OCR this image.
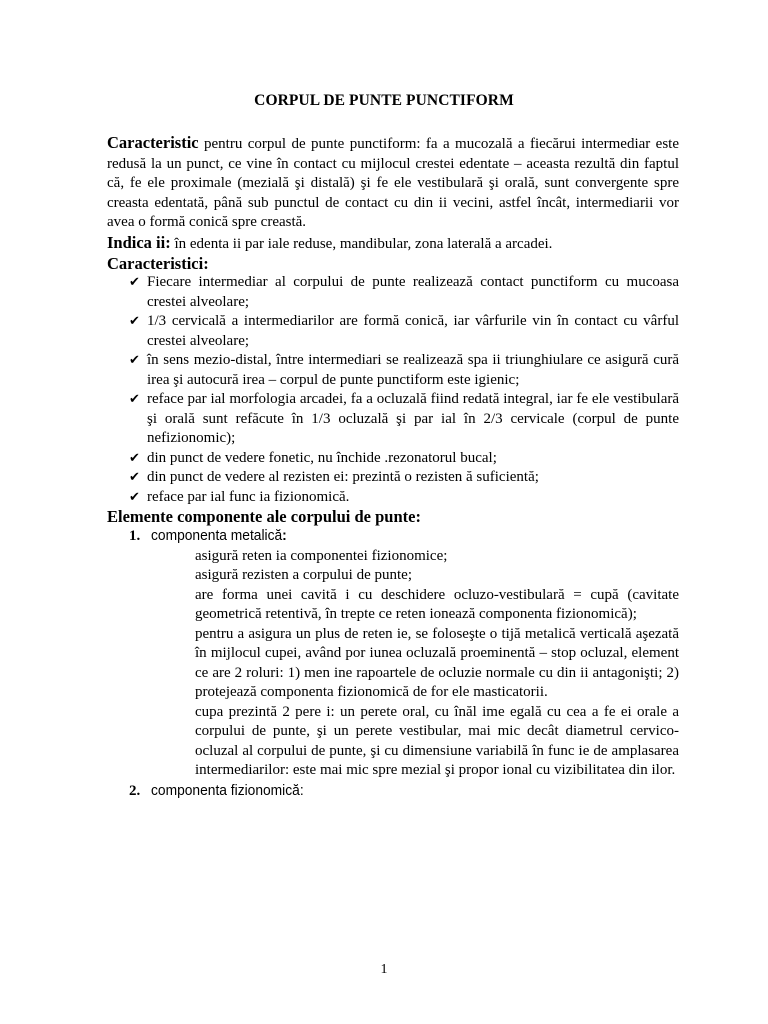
CORPUL DE PUNTE PUNCTIFORM

Caracteristic pentru corpul de punte punctiform: fa a mucozală a fiecărui intermediar este redusă la un punct, ce vine în contact cu mijlocul crestei edentate – aceasta rezultă din faptul că, fe ele proximale (mezială şi distală) şi fe ele vestibulară şi orală, sunt convergente spre creasta edentată, până sub punctul de contact cu din ii vecini, astfel încât, intermediarii vor avea o formă conică spre creastă.

Indica ii: în edenta ii par iale reduse, mandibular, zona laterală a arcadei.

Caracteristici:

✔ Fiecare intermediar al corpului de punte realizează contact punctiform cu mucoasa crestei alveolare;
✔ 1/3 cervicală a intermediarilor are formă conică, iar vârfurile vin în contact cu vârful crestei alveolare;
✔ în sens mezio-distal, între intermediari se realizează spa ii triunghiulare ce asigură cură irea şi autocură irea – corpul de punte punctiform este igienic;
✔ reface par ial morfologia arcadei, fa a ocluzală fiind redată integral, iar fe ele vestibulară şi orală sunt refăcute în 1/3 ocluzală şi par ial în 2/3 cervicale (corpul de punte nefizionomic);
✔ din punct de vedere fonetic, nu închide .rezonatorul bucal;
✔ din punct de vedere al rezisten ei: prezintă o rezisten ă suficientă;
✔ reface par ial func ia fizionomică.

Elemente componente ale corpului de punte:

1. componenta metalică:

asigură reten ia componentei fizionomice;

asigură rezisten a corpului de punte;

are forma unei cavită i cu deschidere ocluzo-vestibulară = cupă (cavitate geometrică retentivă, în trepte ce reten ionează componenta fizionomică);

pentru a asigura un plus de reten ie, se foloseşte o tijă metalică verticală aşezată în mijlocul cupei, având por iunea ocluzală proeminentă – stop ocluzal, element ce are 2 roluri: 1) men ine rapoartele de ocluzie normale cu din ii antagonişti; 2) protejează componenta fizionomică de for ele masticatorii.

cupa prezintă 2 pere i: un perete oral, cu înăl ime egală cu cea a fe ei orale a corpului de punte, şi un perete vestibular, mai mic decât diametrul cervico-ocluzal al corpului de punte, şi cu dimensiune variabilă în func ie de amplasarea intermediarilor: este mai mic spre mezial şi propor ional cu vizibilitatea din ilor.

2. componenta fizionomică:
1
